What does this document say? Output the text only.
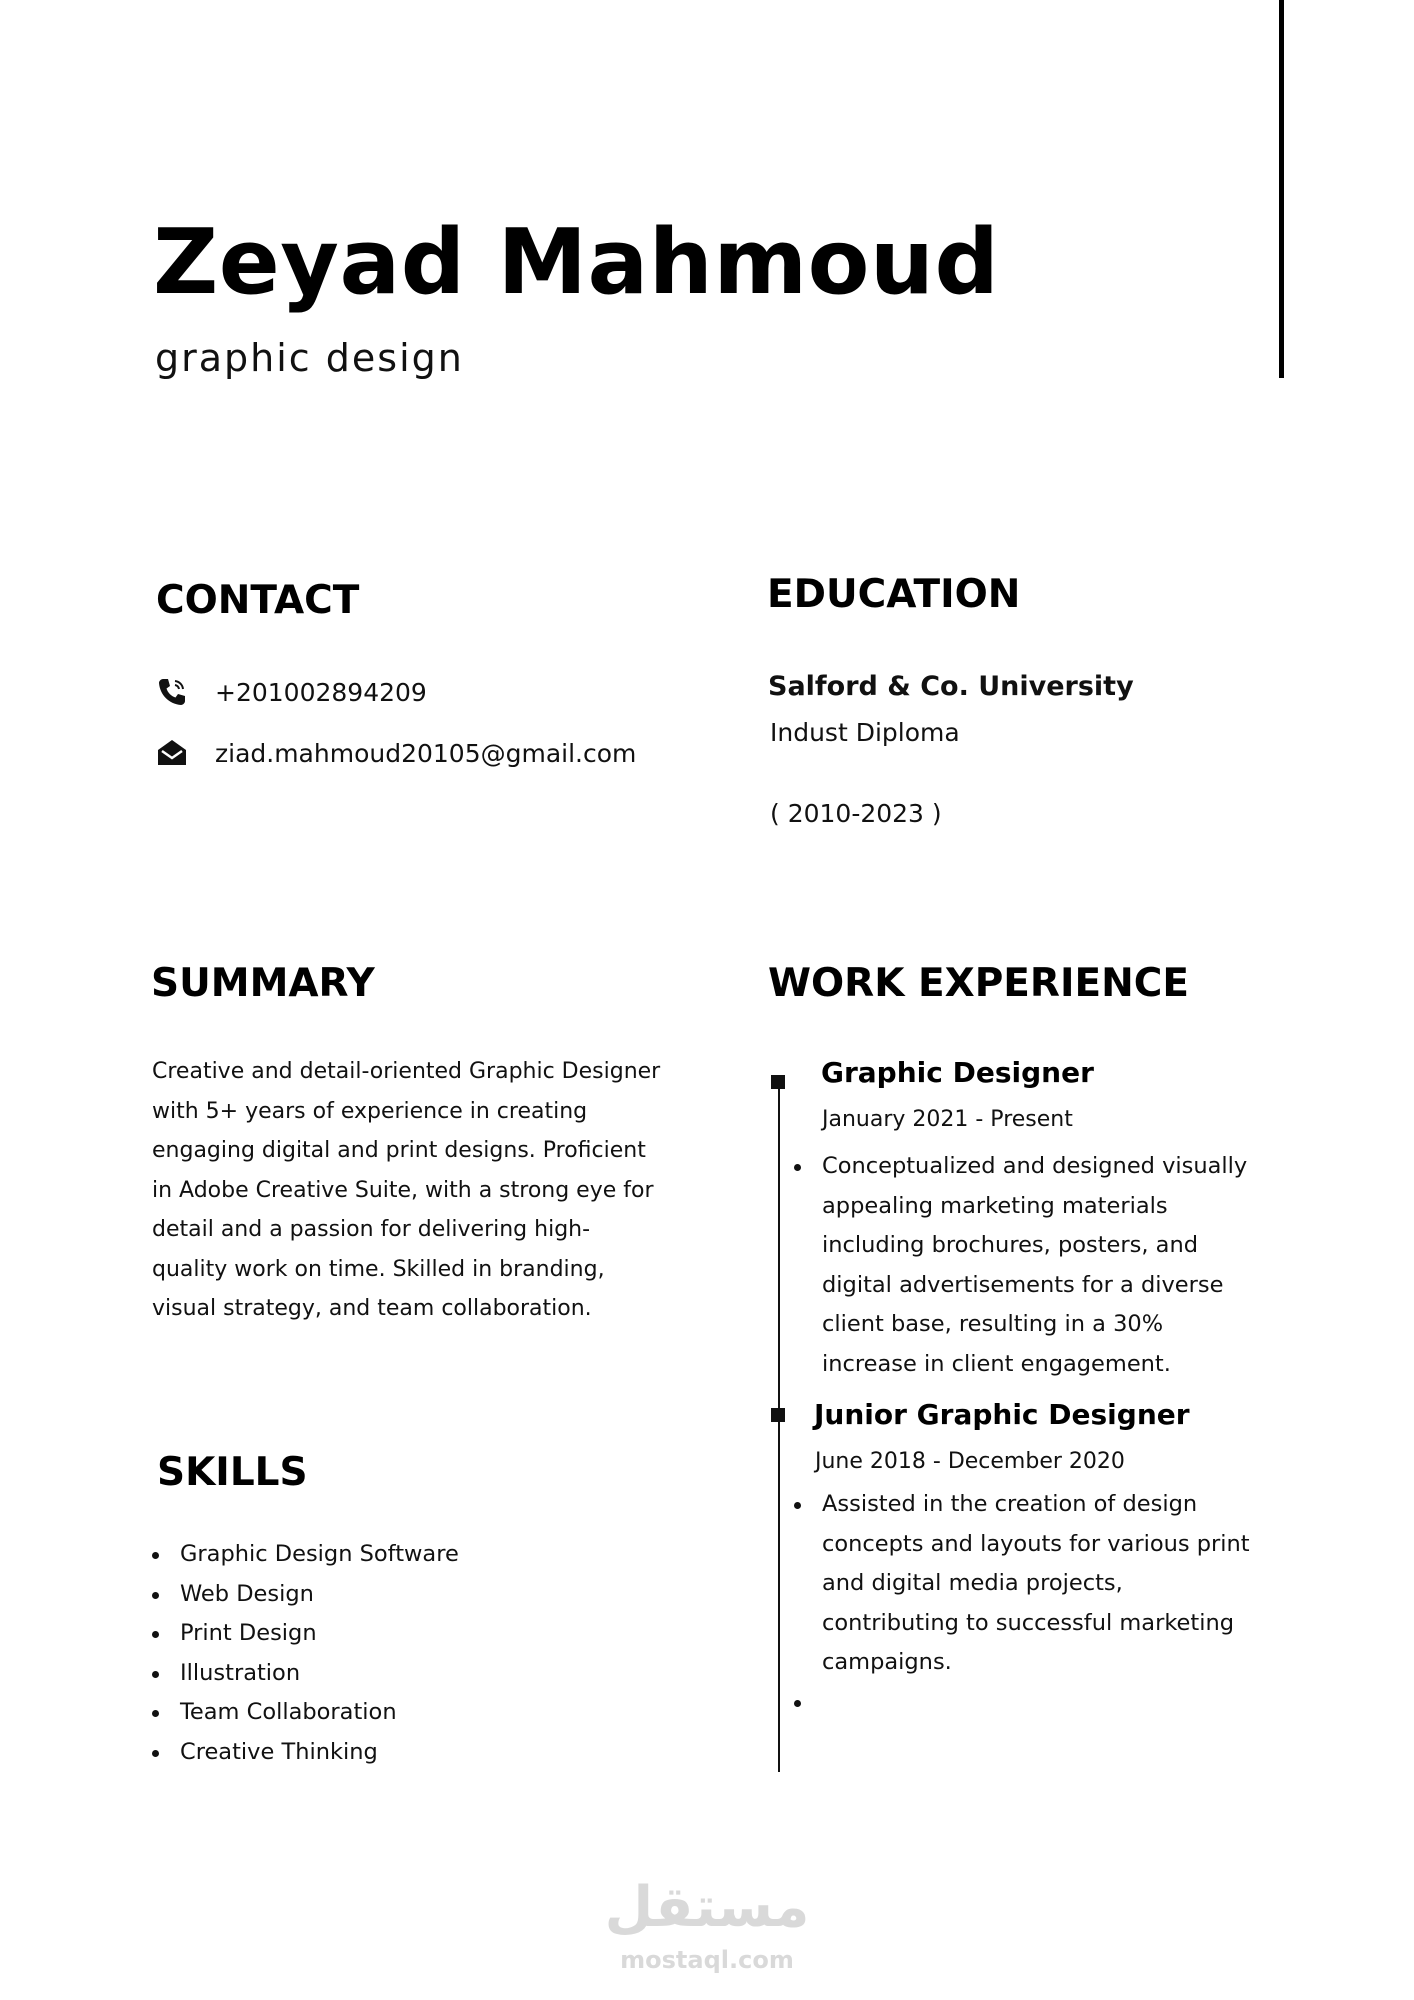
Zeyad Mahmoud
graphic design
CONTACT
+201002894209
ziad.mahmoud20105@gmail.com
EDUCATION
Salford & Co. University
Indust Diploma
( 2010-2023 )
SUMMARY
Creative and detail-oriented Graphic Designer with 5+ years of experience in creating engaging digital and print designs. Proficient in Adobe Creative Suite, with a strong eye for detail and a passion for delivering high-quality work on time. Skilled in branding, visual strategy, and team collaboration.
SKILLS
Graphic Design Software
Web Design
Print Design
Illustration
Team Collaboration
Creative Thinking
WORK EXPERIENCE
Graphic Designer
January 2021 - Present
Conceptualized and designed visually appealing marketing materials including brochures, posters, and digital advertisements for a diverse client base, resulting in a 30% increase in client engagement.
Junior Graphic Designer
June 2018 - December 2020
Assisted in the creation of design concepts and layouts for various print and digital media projects, contributing to successful marketing campaigns.
مستقل
mostaql.com
